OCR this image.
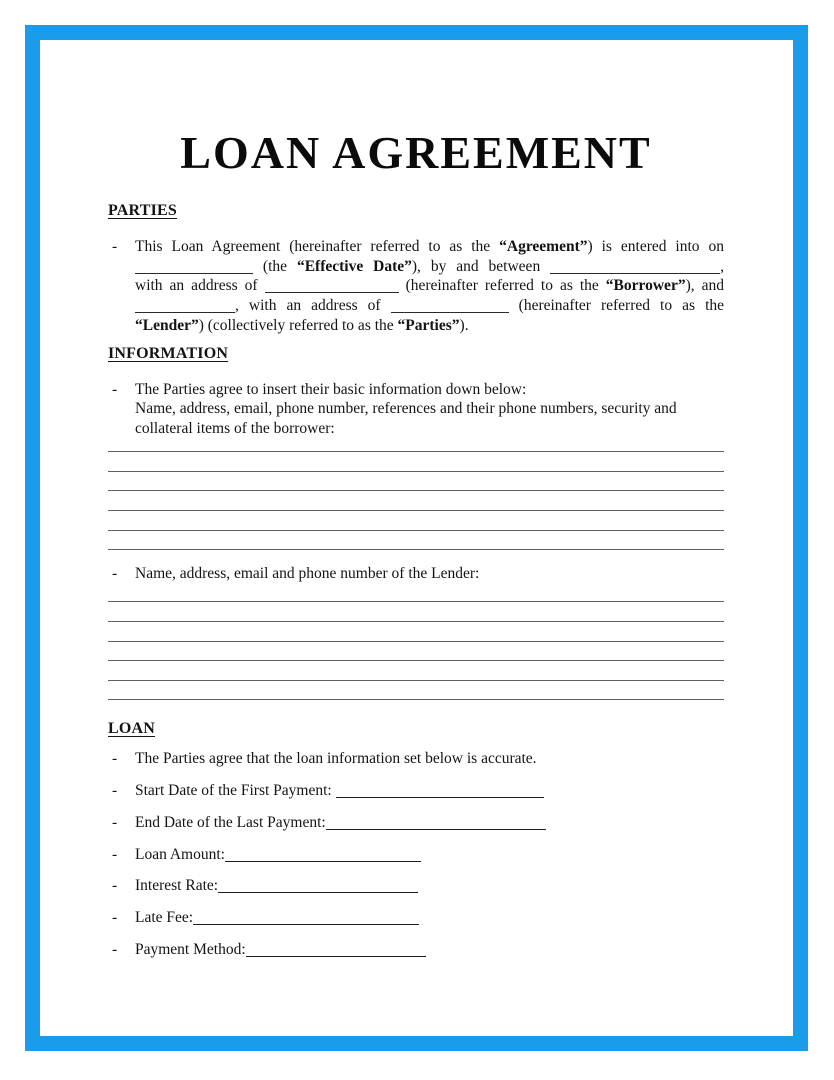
LOAN AGREEMENT
PARTIES
- This Loan Agreement (hereinafter referred to as the “Agreement”) is entered into on
(the “Effective Date”), by and between	,
with an address of	(hereinafter referred to as the “Borrower”), and
, with an address of	(hereinafter referred to as the
“Lender”) (collectively referred to as the “Parties”).
INFORMATION
- The Parties agree to insert their basic information down below:
Name, address, email, phone number, references and their phone numbers, security and
collateral items of the borrower:
- Name, address, email and phone number of the Lender:
LOAN
- The Parties agree that the loan information set below is accurate.
- Start Date of the First Payment:
- End Date of the Last Payment:
- Loan Amount:
- Interest Rate:
- Late Fee:
- Payment Method:
